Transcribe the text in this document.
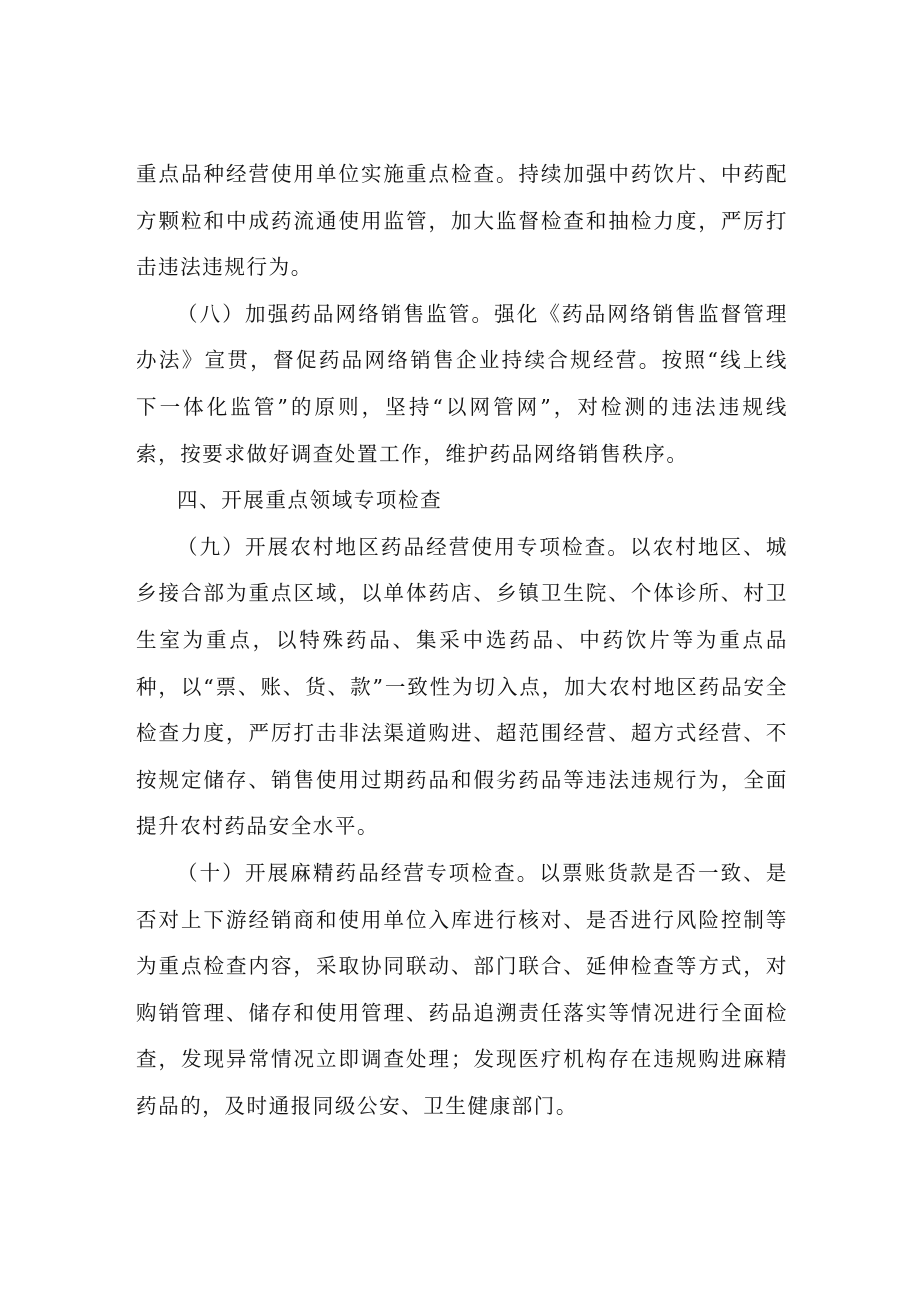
重点品种经营使用单位实施重点检查。持续加强中药饮片、中药配方颗粒和中成药流通使用监管，加大监督检查和抽检力度，严厉打击违法违规行为。

（八）加强药品网络销售监管。强化《药品网络销售监督管理办法》宣贯，督促药品网络销售企业持续合规经营。按照“线上线下一体化监管”的原则，坚持“以网管网”，对检测的违法违规线索，按要求做好调查处置工作，维护药品网络销售秩序。

四、开展重点领域专项检查

（九）开展农村地区药品经营使用专项检查。以农村地区、城乡接合部为重点区域，以单体药店、乡镇卫生院、个体诊所、村卫生室为重点，以特殊药品、集采中选药品、中药饮片等为重点品种，以“票、账、货、款”一致性为切入点，加大农村地区药品安全检查力度，严厉打击非法渠道购进、超范围经营、超方式经营、不按规定储存、销售使用过期药品和假劣药品等违法违规行为，全面提升农村药品安全水平。

（十）开展麻精药品经营专项检查。以票账货款是否一致、是否对上下游经销商和使用单位入库进行核对、是否进行风险控制等为重点检查内容，采取协同联动、部门联合、延伸检查等方式，对购销管理、储存和使用管理、药品追溯责任落实等情况进行全面检查，发现异常情况立即调查处理；发现医疗机构存在违规购进麻精药品的，及时通报同级公安、卫生健康部门。
